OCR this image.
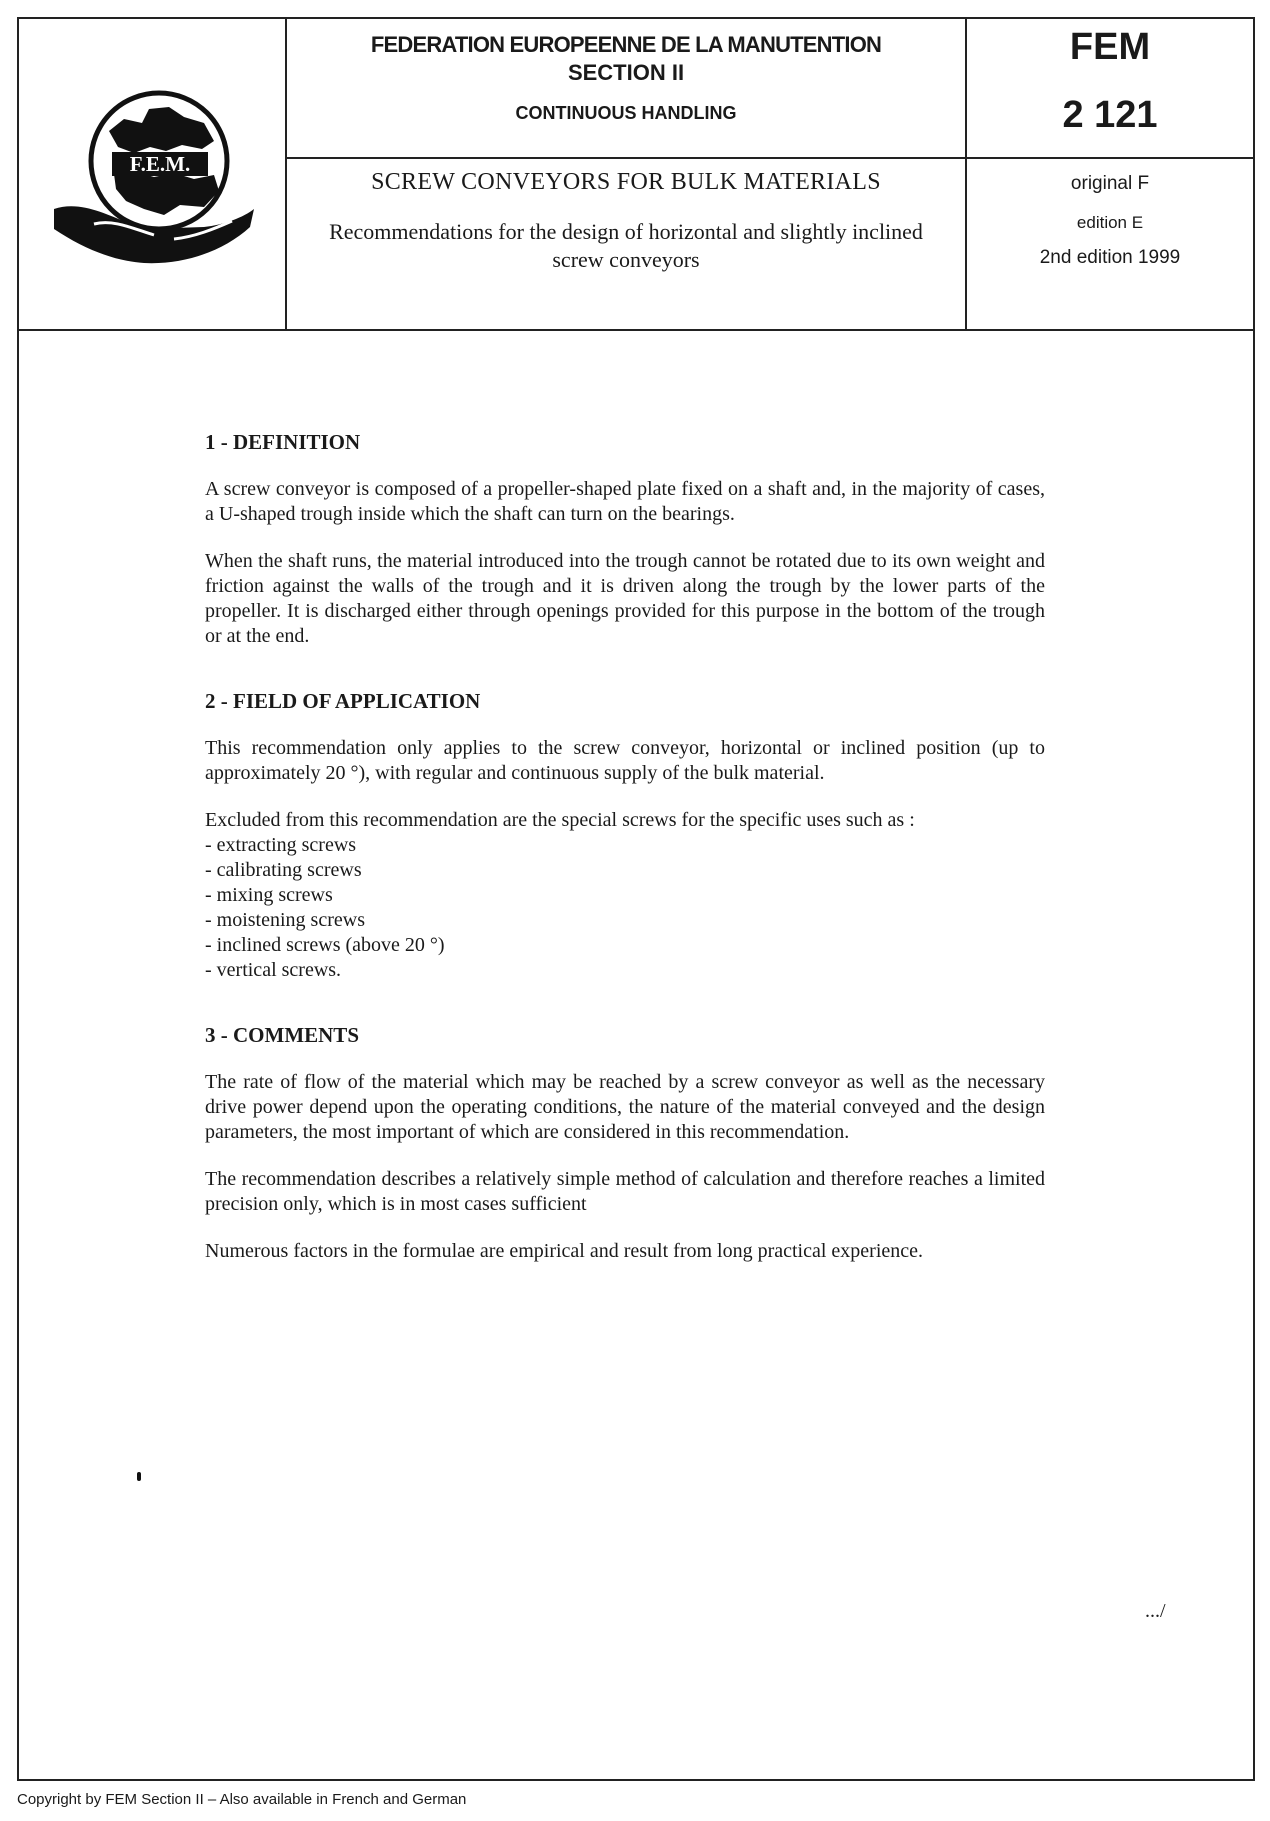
F.E.M.
FEDERATION EUROPEENNE DE LA MANUTENTION
SECTION II
CONTINUOUS HANDLING
FEM
2 121
SCREW CONVEYORS FOR BULK MATERIALS
Recommendations for the design of horizontal and slightly inclined screw conveyors
original F
edition E
2nd edition 1999
1 - DEFINITION

A screw conveyor is composed of a propeller-shaped plate fixed on a shaft and, in the majority of cases, a U-shaped trough inside which the shaft can turn on the bearings.

When the shaft runs, the material introduced into the trough cannot be rotated due to its own weight and friction against the walls of the trough and it is driven along the trough by the lower parts of the propeller. It is discharged either through openings provided for this purpose in the bottom of the trough or at the end.

2 - FIELD OF APPLICATION

This recommendation only applies to the screw conveyor, horizontal or inclined position (up to approximately 20 °), with regular and continuous supply of the bulk material.

Excluded from this recommendation are the special screws for the specific uses such as :

- extracting screws
- calibrating screws
- mixing screws
- moistening screws
- inclined screws (above 20 °)
- vertical screws.
3 - COMMENTS

The rate of flow of the material which may be reached by a screw conveyor as well as the necessary drive power depend upon the operating conditions, the nature of the material conveyed and the design parameters, the most important of which are considered in this recommendation.

The recommendation describes a relatively simple method of calculation and therefore reaches a limited precision only, which is in most cases sufficient

Numerous factors in the formulae are empirical and result from long practical experience.

.../
Copyright by FEM Section II – Also available in French and German
